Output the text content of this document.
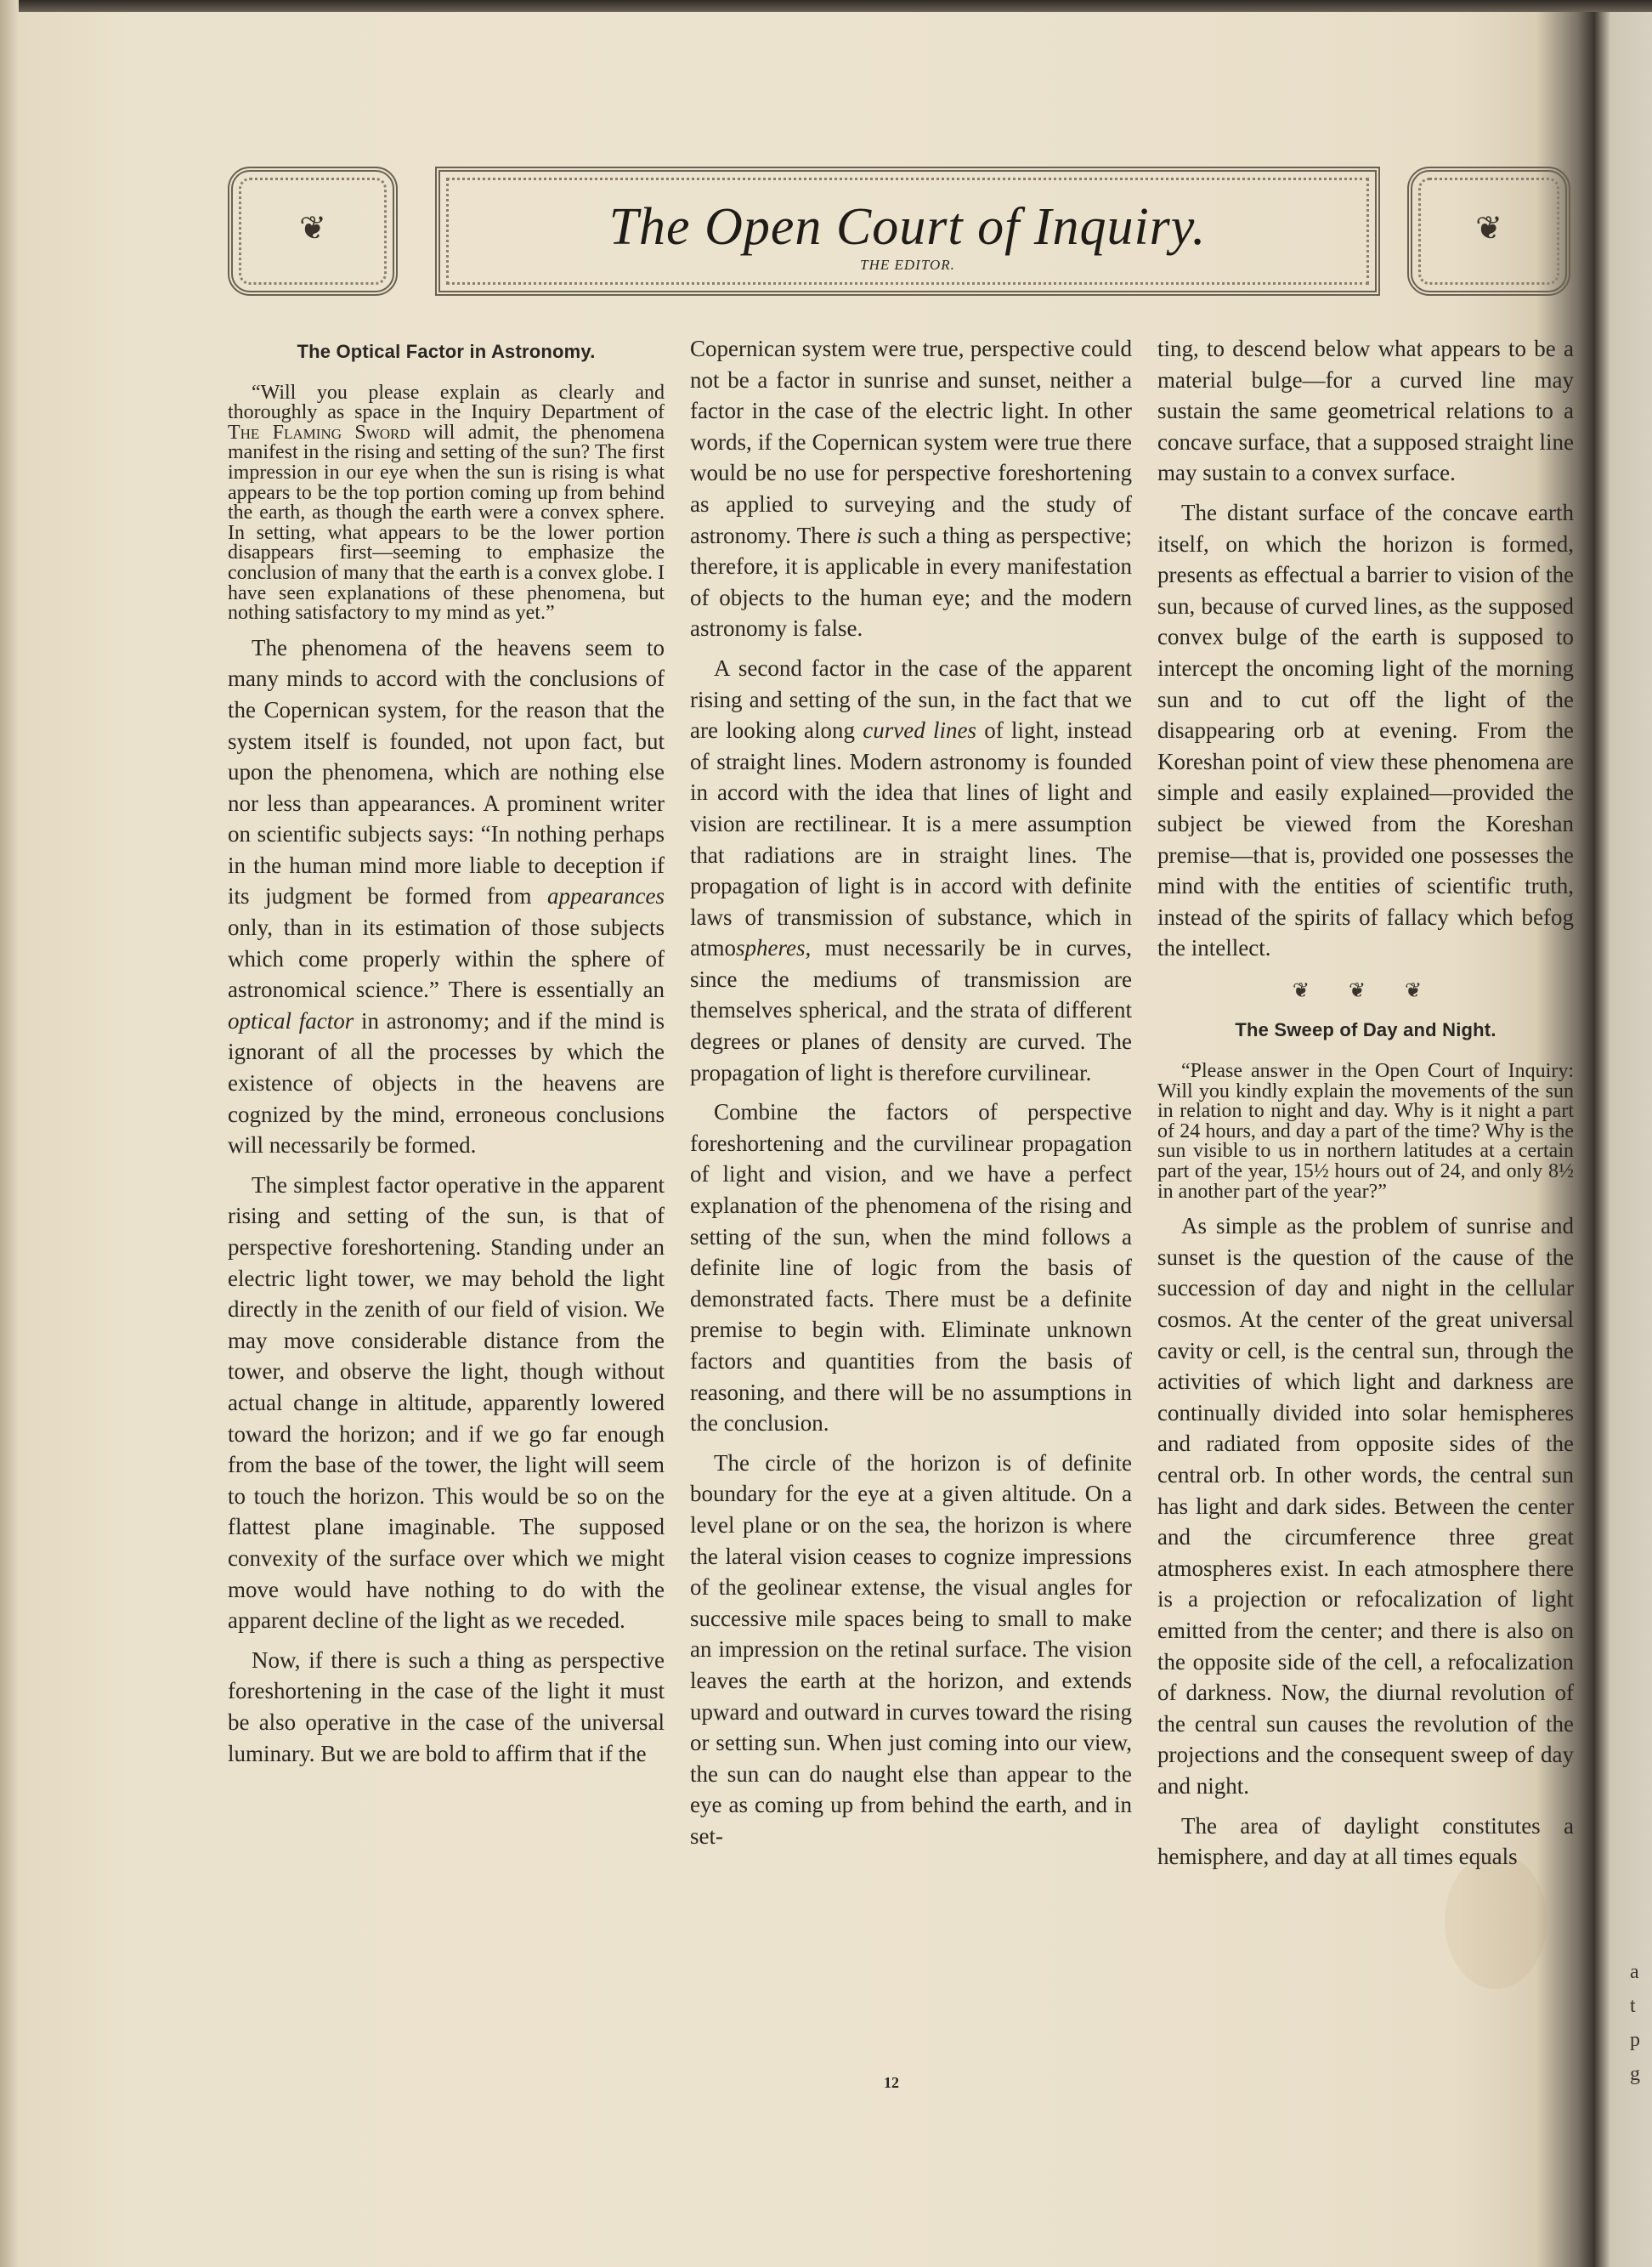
❦	The Open Court of Inquiry.
THE EDITOR.
❦
The Optical Factor in Astronomy.

“Will you please explain as clearly and thoroughly as space in the Inquiry Department of The Flaming Sword will admit, the phenomena manifest in the rising and setting of the sun? The first impression in our eye when the sun is rising is what appears to be the top portion coming up from behind the earth, as though the earth were a convex sphere. In setting, what appears to be the lower portion disappears first—seeming to emphasize the conclusion of many that the earth is a convex globe. I have seen explanations of these phenomena, but nothing satisfactory to my mind as yet.”

The phenomena of the heavens seem to many minds to accord with the conclusions of the Copernican system, for the reason that the system itself is founded, not upon fact, but upon the phenomena, which are nothing else nor less than appearances. A prominent writer on scientific subjects says: “In nothing perhaps in the human mind more liable to deception if its judgment be formed from appearances only, than in its estimation of those subjects which come properly within the sphere of astronomical science.” There is essentially an optical factor in astronomy; and if the mind is ignorant of all the processes by which the existence of objects in the heavens are cognized by the mind, erroneous conclusions will necessarily be formed.

The simplest factor operative in the apparent rising and setting of the sun, is that of perspective foreshortening. Standing under an electric light tower, we may behold the light directly in the zenith of our field of vision. We may move considerable distance from the tower, and observe the light, though without actual change in altitude, apparently lowered toward the horizon; and if we go far enough from the base of the tower, the light will seem to touch the horizon. This would be so on the flattest plane imaginable. The supposed convexity of the surface over which we might move would have nothing to do with the apparent decline of the light as we receded.

Now, if there is such a thing as perspective foreshortening in the case of the light it must be also operative in the case of the universal luminary. But we are bold to affirm that if the

Copernican system were true, perspective could not be a factor in sunrise and sunset, neither a factor in the case of the electric light. In other words, if the Copernican system were true there would be no use for perspective foreshortening as applied to surveying and the study of astronomy. There is such a thing as perspective; therefore, it is applicable in every manifestation of objects to the human eye; and the modern astronomy is false.

A second factor in the case of the apparent rising and setting of the sun, in the fact that we are looking along curved lines of light, instead of straight lines. Modern astronomy is founded in accord with the idea that lines of light and vision are rectilinear. It is a mere assumption that radiations are in straight lines. The propagation of light is in accord with definite laws of transmission of substance, which in atmospheres, must necessarily be in curves, since the mediums of transmission are themselves spherical, and the strata of different degrees or planes of density are curved. The propagation of light is therefore curvilinear.

Combine the factors of perspective foreshortening and the curvilinear propagation of light and vision, and we have a perfect explanation of the phenomena of the rising and setting of the sun, when the mind follows a definite line of logic from the basis of demonstrated facts. There must be a definite premise to begin with. Eliminate unknown factors and quantities from the basis of reasoning, and there will be no assumptions in the conclusion.

The circle of the horizon is of definite boundary for the eye at a given altitude. On a level plane or on the sea, the horizon is where the lateral vision ceases to cognize impressions of the geolinear extense, the visual angles for successive mile spaces being to small to make an impression on the retinal surface. The vision leaves the earth at the horizon, and extends upward and outward in curves toward the rising or setting sun. When just coming into our view, the sun can do naught else than appear to the eye as coming up from behind the earth, and in set-

ting, to descend below what appears to be a material bulge—for a curved line may sustain the same geometrical relations to a concave surface, that a supposed straight line may sustain to a convex surface.

The distant surface of the concave earth itself, on which the horizon is formed, presents as effectual a barrier to vision of the sun, because of curved lines, as the supposed convex bulge of the earth is supposed to intercept the oncoming light of the morning sun and to cut off the light of the disappearing orb at evening. From the Koreshan point of view these phenomena are simple and easily explained—provided the subject be viewed from the Koreshan premise—that is, provided one possesses the mind with the entities of scientific truth, instead of the spirits of fallacy which befog the intellect.

❦ ❦ ❦
The Sweep of Day and Night.

“Please answer in the Open Court of Inquiry: Will you kindly explain the movements of the sun in relation to night and day. Why is it night a part of 24 hours, and day a part of the time? Why is the sun visible to us in northern latitudes at a certain part of the year, 15½ hours out of 24, and only 8½ in another part of the year?”

As simple as the problem of sunrise and sunset is the question of the cause of the succession of day and night in the cellular cosmos. At the center of the great universal cavity or cell, is the central sun, through the activities of which light and darkness are continually divided into solar hemispheres and radiated from opposite sides of the central orb. In other words, the central sun has light and dark sides. Between the center and the circumference three great atmospheres exist. In each atmosphere there is a projection or refocalization of light emitted from the center; and there is also on the opposite side of the cell, a refocalization of darkness. Now, the diurnal revolution of the central sun causes the revolution of the projections and the consequent sweep of day and night.

The area of daylight constitutes a hemisphere, and day at all times equals

12
a
t
p
g
